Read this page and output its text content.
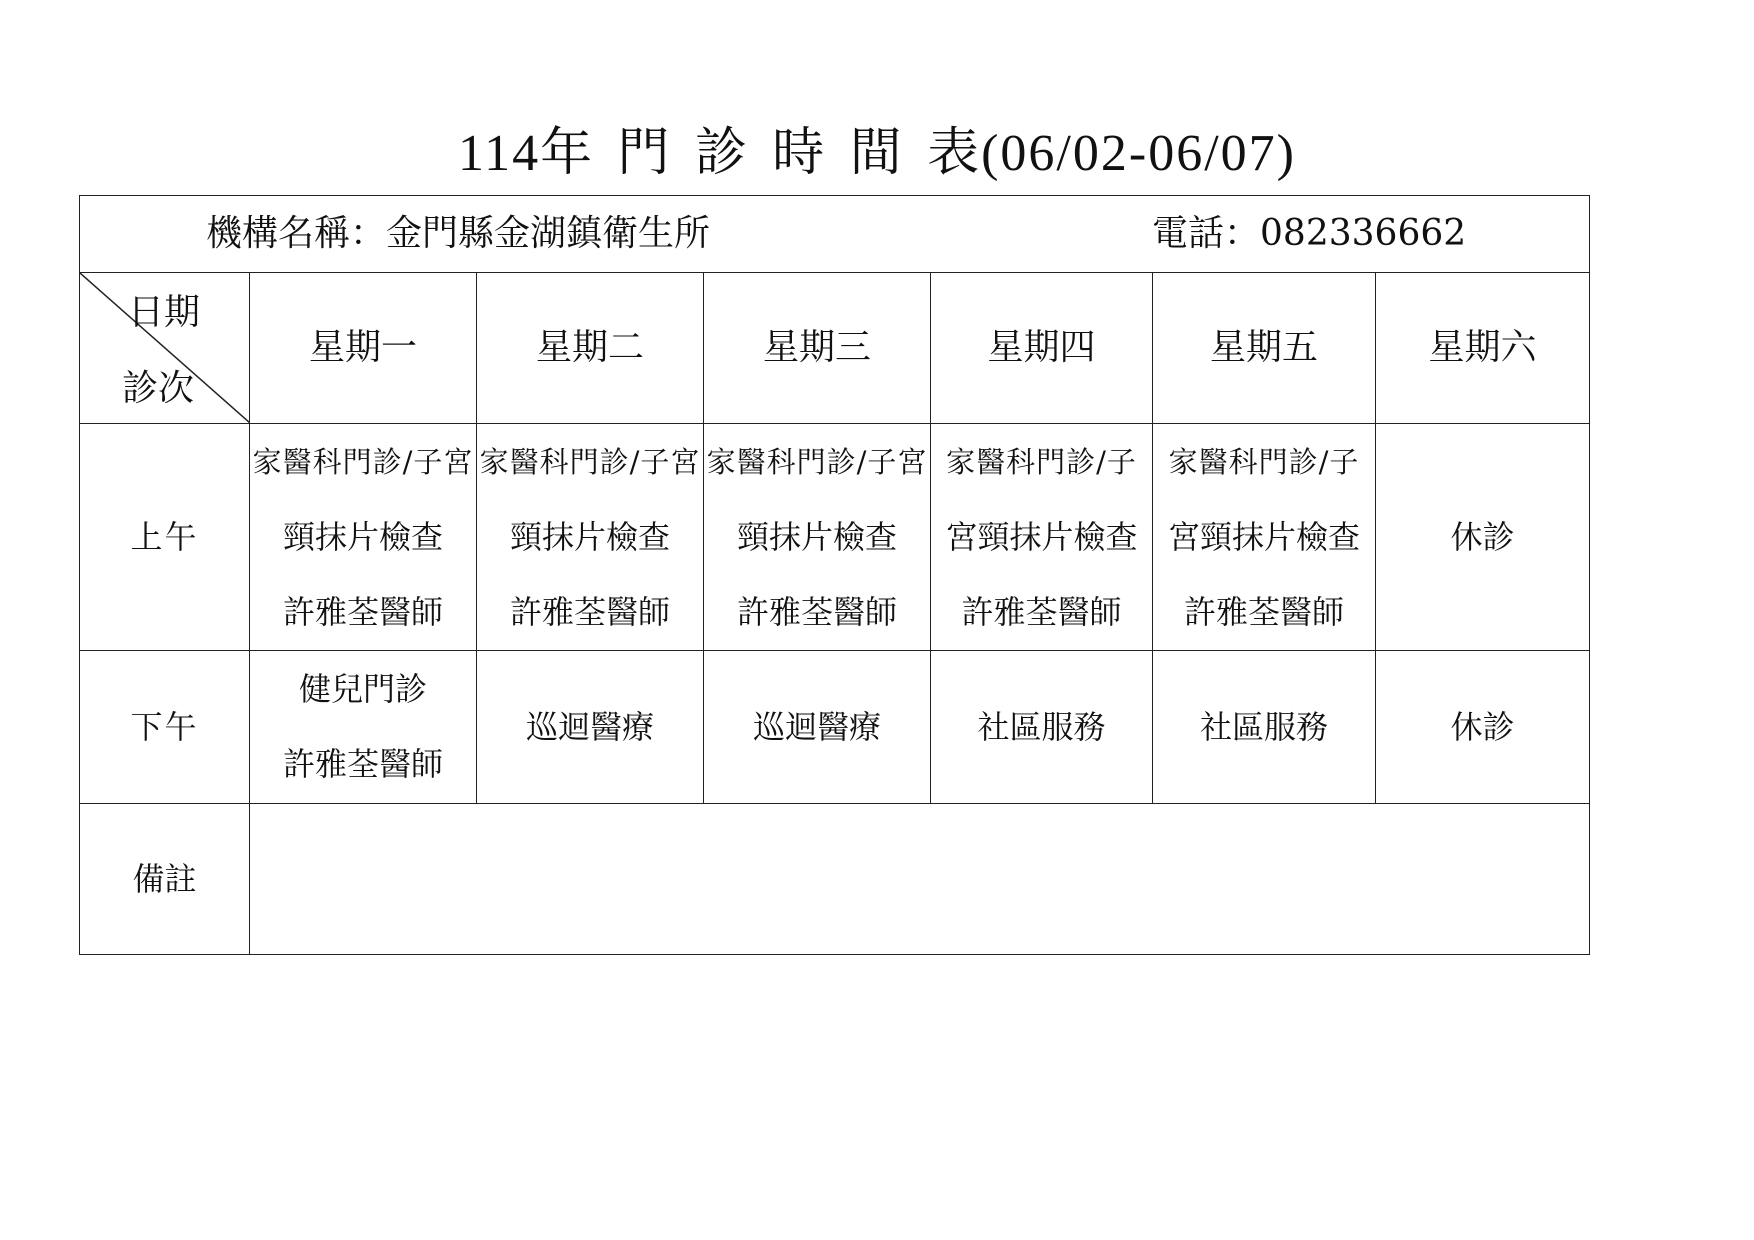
114年 門 診 時 間 表(06/02-06/07)
機構名稱：金門縣金湖鎮衛生所 電話：082336662						

日期
診次	星期一	星期二	星期三	星期四	星期五	星期六
上午	家醫科門診/子宮
頸抹片檢查
許雅荃醫師	家醫科門診/子宮
頸抹片檢查
許雅荃醫師	家醫科門診/子宮
頸抹片檢查
許雅荃醫師	家醫科門診/子
宮頸抹片檢查
許雅荃醫師	家醫科門診/子
宮頸抹片檢查
許雅荃醫師	休診
下午	健兒門診
許雅荃醫師	巡迴醫療	巡迴醫療	社區服務	社區服務	休診
備註						
